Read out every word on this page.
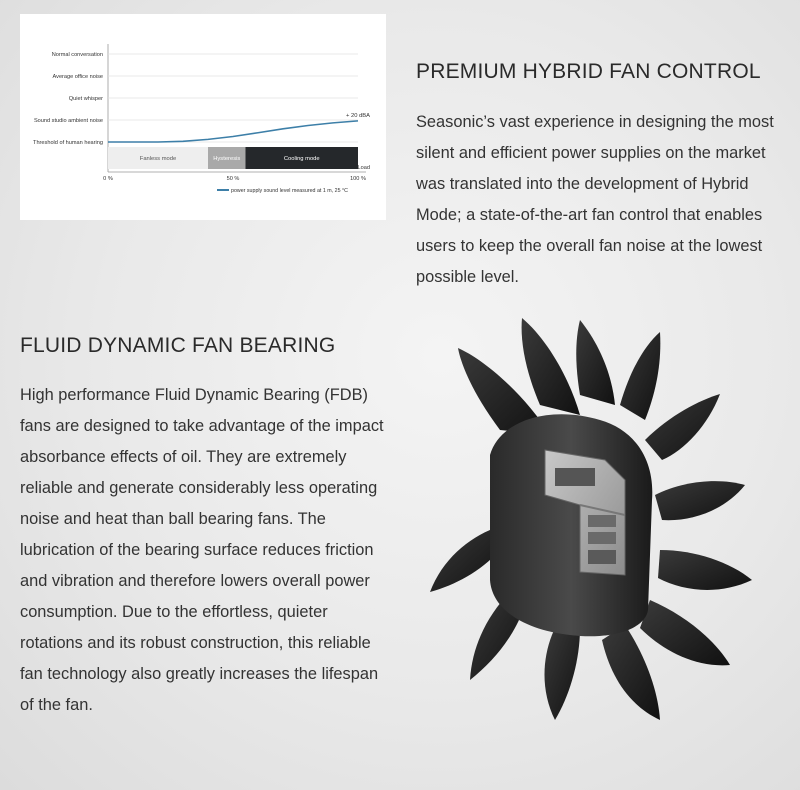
Threshold of human hearing
Sound studio ambient noise
Quiet whisper
Average office noise
Normal conversation
Fanless mode	Hysteresis	Cooling mode
0 %	50 %	100 %
Load
power supply sound level measured at 1 m, 25 °C
+ 20 dBA
PREMIUM HYBRID FAN CONTROL

Seasonic’s vast experience in designing the most silent and efficient power supplies on the market was translated into the development of Hybrid Mode; a state-of-the-art fan control that enables users to keep the overall fan noise at the lowest possible level.

FLUID DYNAMIC FAN BEARING

High performance Fluid Dynamic Bearing (FDB) fans are designed to take advantage of the impact absorbance effects of oil. They are extremely reliable and generate considerably less operating noise and heat than ball bearing fans. The lubrication of the bearing surface reduces friction and vibration and therefore lowers overall power consumption. Due to the effortless, quieter rotations and its robust construction, this reliable fan technology also greatly increases the lifespan of the fan.
